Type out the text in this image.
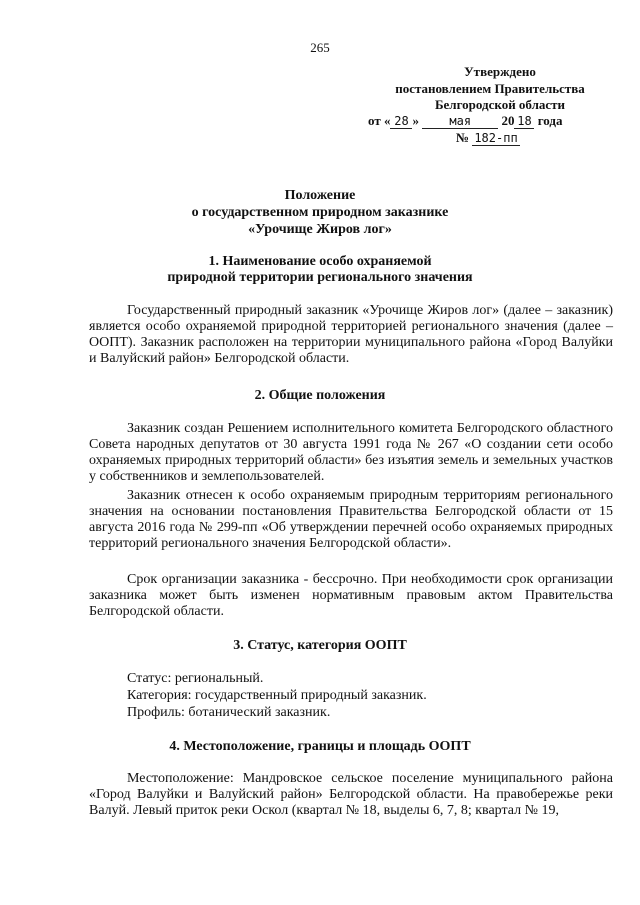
265
Утверждено
постановлением Правительства
Белгородской области
от « 28 »	мая 20 18 года
№ 182-пп
Положение
о государственном природном заказнике
«Урочище Жиров лог»
1. Наименование особо охраняемой
природной территории регионального значения

Государственный природный заказник «Урочище Жиров лог» (далее – заказник) является особо охраняемой природной территорией регионального значения (далее – ООПТ). Заказник расположен на территории муниципального района «Город Валуйки и Валуйский район» Белгородской области.

2. Общие положения

Заказник создан Решением исполнительного комитета Белгородского областного Совета народных депутатов от 30 августа 1991 года № 267 «О создании сети особо охраняемых природных территорий области» без изъятия земель и земельных участков у собственников и землепользователей.

Заказник отнесен к особо охраняемым природным территориям регионального значения на основании постановления Правительства Белгородской области от 15 августа 2016 года № 299-пп «Об утверждении перечней особо охраняемых природных территорий регионального значения Белгородской области».

Срок организации заказника - бессрочно. При необходимости срок организации заказника может быть изменен нормативным правовым актом Правительства Белгородской области.

3. Статус, категория ООПТ

Статус: региональный.

Категория: государственный природный заказник.

Профиль: ботанический заказник.

4. Местоположение, границы и площадь ООПТ

Местоположение: Мандровское сельское поселение муниципального района «Город Валуйки и Валуйский район» Белгородской области. На правобережье реки Валуй. Левый приток реки Оскол (квартал № 18, выделы 6, 7, 8; квартал № 19,
